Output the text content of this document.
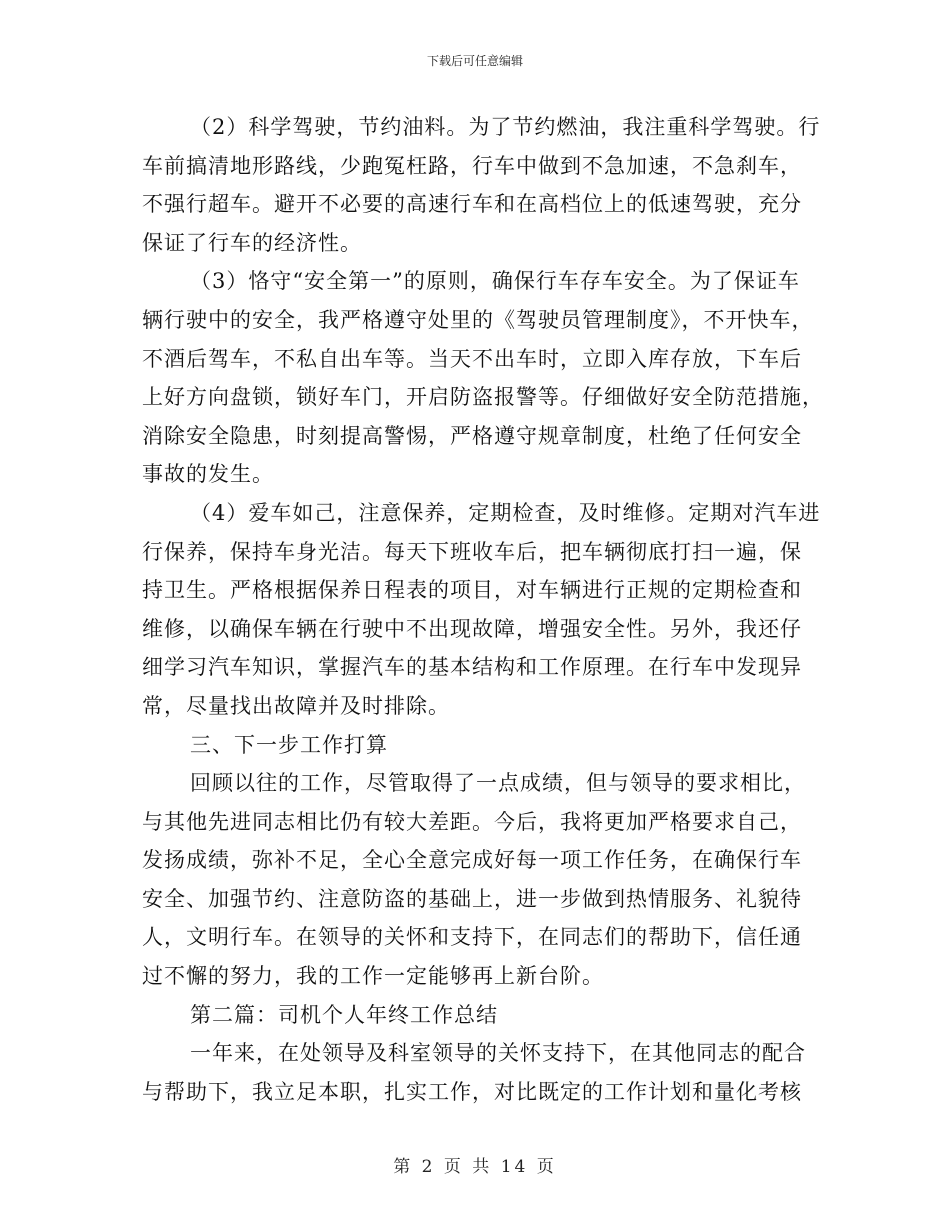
下载后可任意编辑
（2）科学驾驶，节约油料。为了节约燃油，我注重科学驾驶。行
车前搞清地形路线，少跑冤枉路，行车中做到不急加速，不急刹车，
不强行超车。避开不必要的高速行车和在高档位上的低速驾驶，充分
保证了行车的经济性。
（3）恪守“安全第一”的原则，确保行车存车安全。为了保证车
辆行驶中的安全，我严格遵守处里的《驾驶员管理制度》，不开快车，
不酒后驾车，不私自出车等。当天不出车时，立即入库存放，下车后
上好方向盘锁，锁好车门，开启防盗报警等。仔细做好安全防范措施，
消除安全隐患，时刻提高警惕，严格遵守规章制度，杜绝了任何安全
事故的发生。
（4）爱车如己，注意保养，定期检查，及时维修。定期对汽车进
行保养，保持车身光洁。每天下班收车后，把车辆彻底打扫一遍，保
持卫生。严格根据保养日程表的项目，对车辆进行正规的定期检查和
维修，以确保车辆在行驶中不出现故障，增强安全性。另外，我还仔
细学习汽车知识，掌握汽车的基本结构和工作原理。在行车中发现异
常，尽量找出故障并及时排除。
三、下一步工作打算
回顾以往的工作，尽管取得了一点成绩，但与领导的要求相比，
与其他先进同志相比仍有较大差距。今后，我将更加严格要求自己，
发扬成绩，弥补不足，全心全意完成好每一项工作任务，在确保行车
安全、加强节约、注意防盗的基础上，进一步做到热情服务、礼貌待
人，文明行车。在领导的关怀和支持下，在同志们的帮助下，信任通
过不懈的努力，我的工作一定能够再上新台阶。
第二篇：司机个人年终工作总结
一年来，在处领导及科室领导的关怀支持下，在其他同志的配合
与帮助下，我立足本职，扎实工作，对比既定的工作计划和量化考核
第 2 页 共 14 页
